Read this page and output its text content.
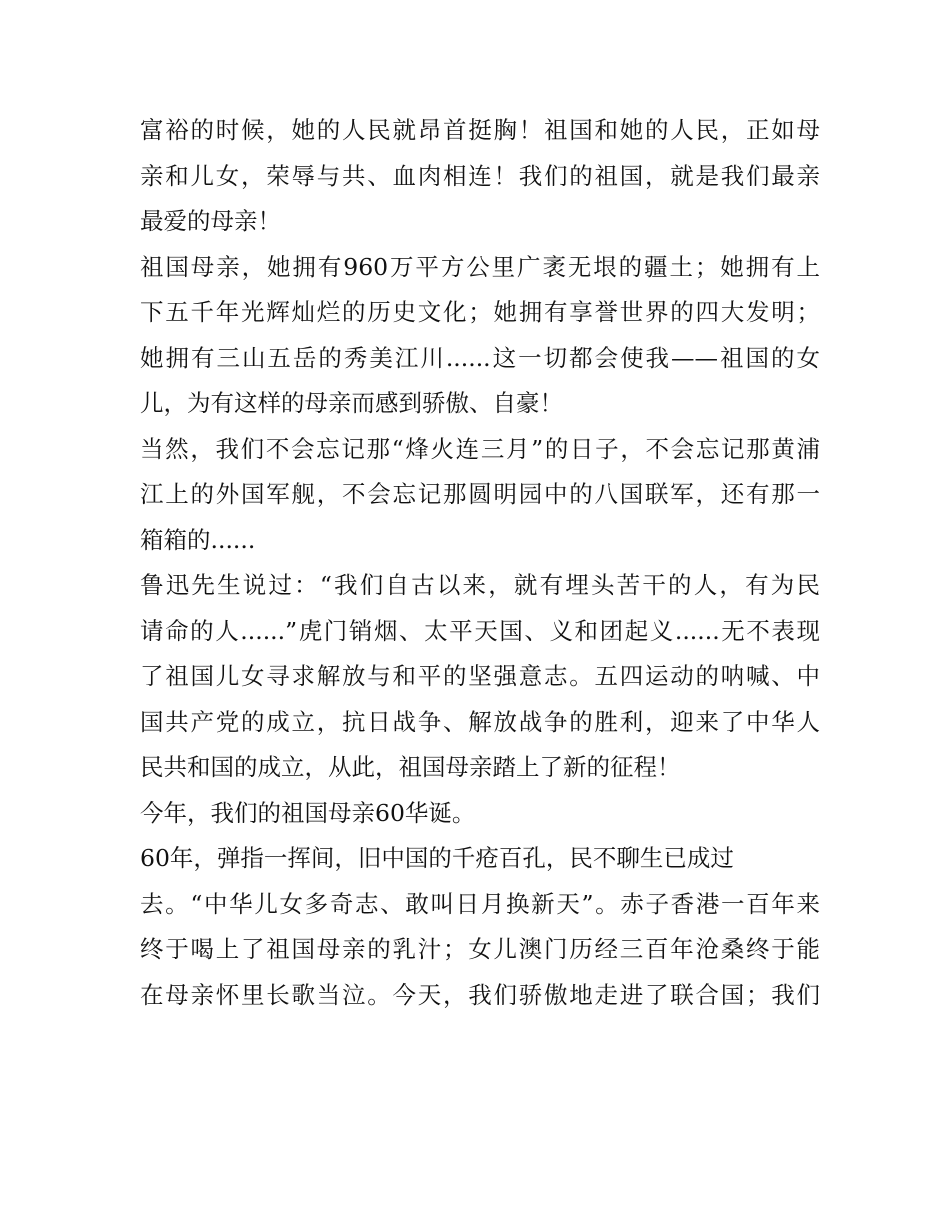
富裕的时候，她的人民就昂首挺胸！祖国和她的人民，正如母
亲和儿女，荣辱与共、血肉相连！我们的祖国，就是我们最亲
最爱的母亲！
祖国母亲，她拥有960万平方公里广袤无垠的疆土；她拥有上
下五千年光辉灿烂的历史文化；她拥有享誉世界的四大发明；
她拥有三山五岳的秀美江川......这一切都会使我——祖国的女
儿，为有这样的母亲而感到骄傲、自豪！
当然，我们不会忘记那“烽火连三月”的日子，不会忘记那黄浦
江上的外国军舰，不会忘记那圆明园中的八国联军，还有那一
箱箱的......
鲁迅先生说过：“我们自古以来，就有埋头苦干的人，有为民
请命的人......”虎门销烟、太平天国、义和团起义......无不表现
了祖国儿女寻求解放与和平的坚强意志。五四运动的呐喊、中
国共产党的成立，抗日战争、解放战争的胜利，迎来了中华人
民共和国的成立，从此，祖国母亲踏上了新的征程！
今年，我们的祖国母亲60华诞。
60年，弹指一挥间，旧中国的千疮百孔，民不聊生已成过
去。“中华儿女多奇志、敢叫日月换新天”。赤子香港一百年来
终于喝上了祖国母亲的乳汁；女儿澳门历经三百年沧桑终于能
在母亲怀里长歌当泣。今天，我们骄傲地走进了联合国；我们
